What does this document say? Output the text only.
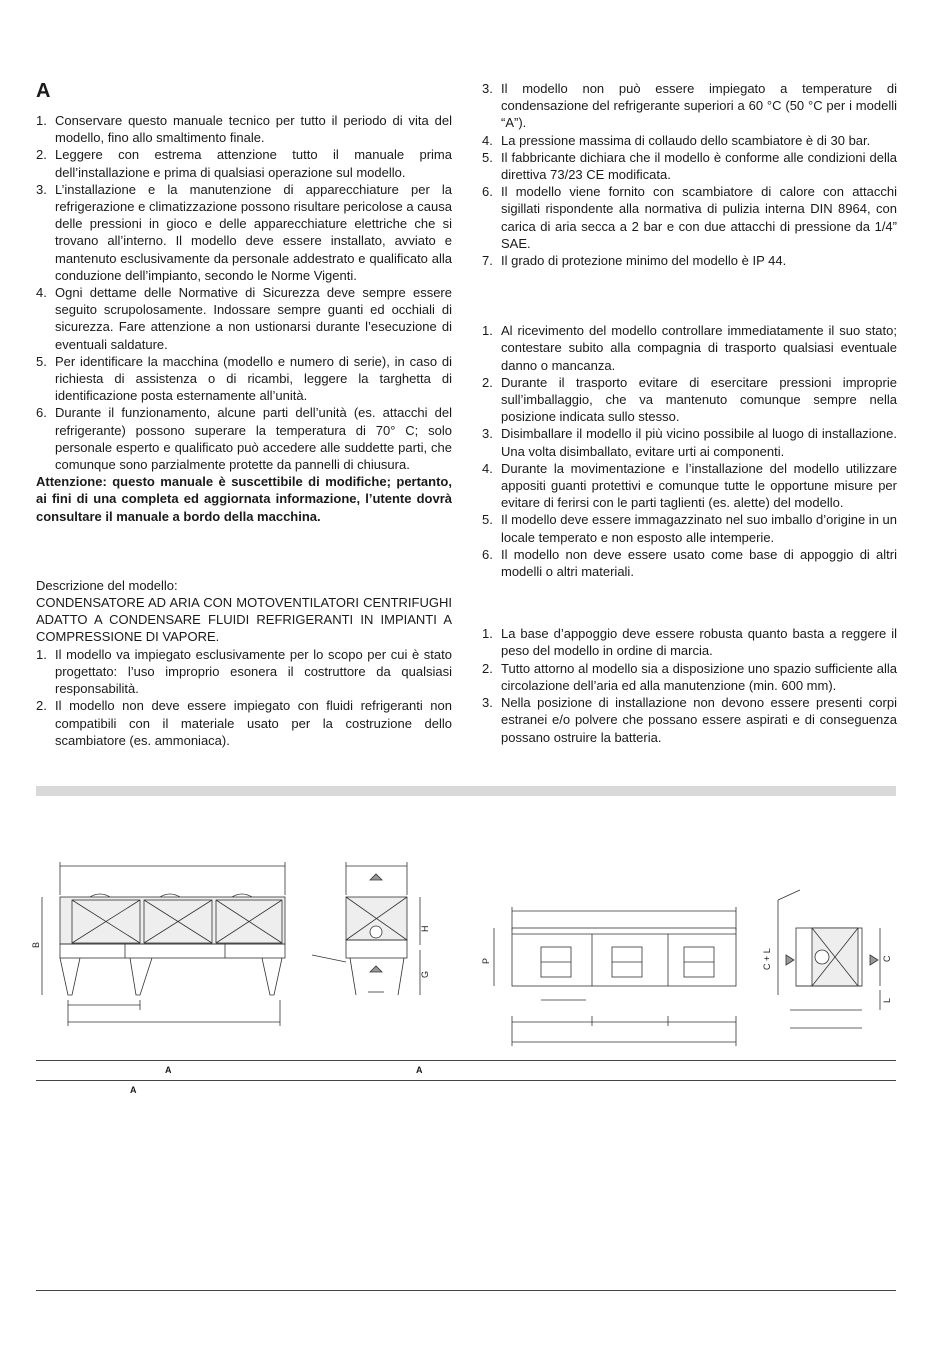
A
1. Conservare questo manuale tecnico per tutto il periodo di vita del modello, fino allo smaltimento finale.
2. Leggere con estrema attenzione tutto il manuale prima dell’installazione e prima di qualsiasi operazione sul modello.
3. L’installazione e la manutenzione di apparecchiature per la refrigerazione e climatizzazione possono risultare pericolose a causa delle pressioni in gioco e delle apparecchiature elettriche che si trovano all’interno. Il modello deve essere installato, avviato e mantenuto esclusivamente da personale addestrato e qualificato alla conduzione dell’impianto, secondo le Norme Vigenti.
4. Ogni dettame delle Normative di Sicurezza deve sempre essere seguito scrupolosamente. Indossare sempre guanti ed occhiali di sicurezza. Fare attenzione a non ustionarsi durante l’esecuzione di eventuali saldature.
5. Per identificare la macchina (modello e numero di serie), in caso di richiesta di assistenza o di ricambi, leggere la targhetta di identificazione posta esternamente all’unità.
6. Durante il funzionamento, alcune parti dell’unità (es. attacchi del refrigerante) possono superare la temperatura di 70° C; solo personale esperto e qualificato può accedere alle suddette parti, che comunque sono parzialmente protette da pannelli di chiusura.

Attenzione: questo manuale è suscettibile di modifiche; pertanto, ai fini di una completa ed aggiornata informazione, l’utente dovrà consultare il manuale a bordo della macchina.

Descrizione del modello:

CONDENSATORE AD ARIA CON MOTOVENTILATORI CENTRIFUGHI ADATTO A CONDENSARE FLUIDI REFRIGERANTI IN IMPIANTI A COMPRESSIONE DI VAPORE.

1. Il modello va impiegato esclusivamente per lo scopo per cui è stato progettato: l’uso improprio esonera il costruttore da qualsiasi responsabilità.
2. Il modello non deve essere impiegato con fluidi refrigeranti non compatibili con il materiale usato per la costruzione dello scambiatore (es. ammoniaca).
3. Il modello non può essere impiegato a temperature di condensazione del refrigerante superiori a 60 °C (50 °C per i modelli “A”).
4. La pressione massima di collaudo dello scambiatore è di 30 bar.
5. Il fabbricante dichiara che il modello è conforme alle condizioni della direttiva 73/23 CE modificata.
6. Il modello viene fornito con scambiatore di calore con attacchi sigillati rispondente alla normativa di pulizia interna DIN 8964, con carica di aria secca a 2 bar e con due attacchi di pressione da 1/4” SAE.
7. Il grado di protezione minimo del modello è IP 44.
1. Al ricevimento del modello controllare immediatamente il suo stato; contestare subito alla compagnia di trasporto qualsiasi eventuale danno o mancanza.
2. Durante il trasporto evitare di esercitare pressioni improprie sull’imballaggio, che va mantenuto comunque sempre nella posizione indicata sullo stesso.
3. Disimballare il modello il più vicino possibile al luogo di installazione. Una volta disimballato, evitare urti ai componenti.
4. Durante la movimentazione e l’installazione del modello utilizzare appositi guanti protettivi e comunque tutte le opportune misure per evitare di ferirsi con le parti taglienti (es. alette) del modello.
5. Il modello deve essere immagazzinato nel suo imballo d’origine in un locale temperato e non esposto alle intemperie.
6. Il modello non deve essere usato come base di appoggio di altri modelli o altri materiali.
1. La base d’appoggio deve essere robusta quanto basta a reggere il peso del modello in ordine di marcia.
2. Tutto attorno al modello sia a disposizione uno spazio sufficiente alla circolazione dell’aria ed alla manutenzione (min. 600 mm).
3. Nella posizione di installazione non devono essere presenti corpi estranei e/o polvere che possano essere aspirati e di conseguenza possano ostruire la batteria.
B
H
G
P	C + L	C
L
A	A
A
